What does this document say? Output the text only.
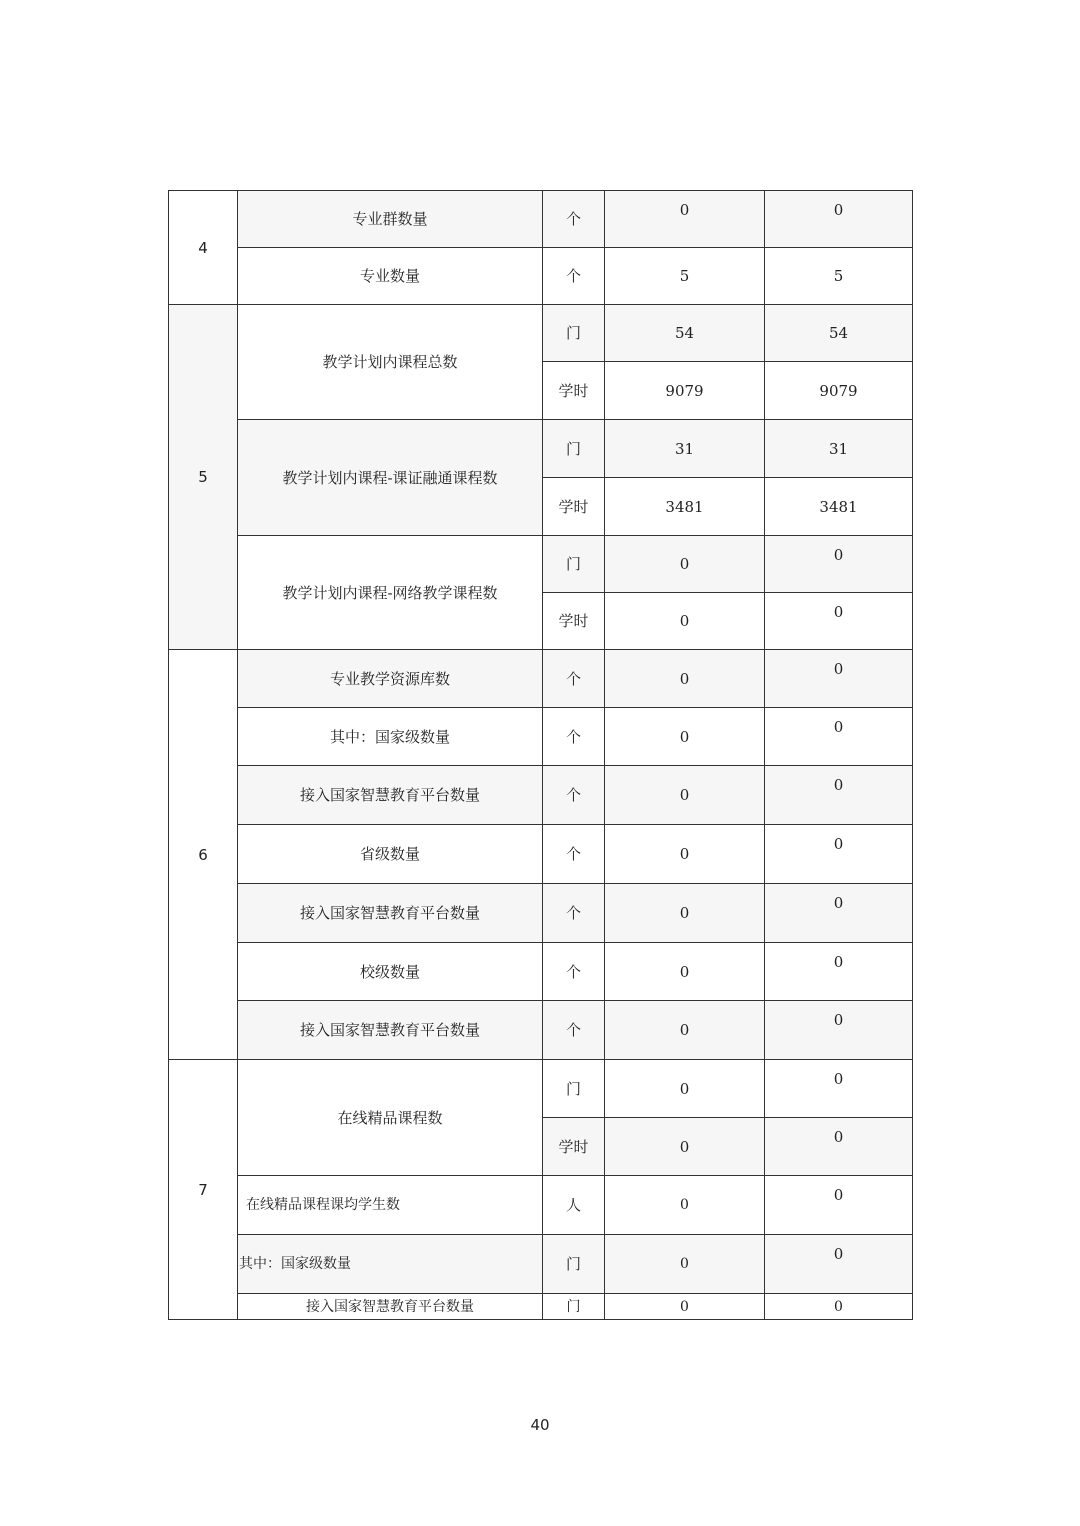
4	专业群数量	个	0	0
	专业数量	个	5	5
5	教学计划内课程总数	门	54	54
		学时	9079	9079
	教学计划内课程-课证融通课程数	门	31	31
		学时	3481	3481
	教学计划内课程-网络教学课程数	门	0	0
		学时	0	0
6	专业教学资源库数	个	0	0
	其中：国家级数量	个	0	0
	接入国家智慧教育平台数量	个	0	0
	省级数量	个	0	0
	接入国家智慧教育平台数量	个	0	0
	校级数量	个	0	0
	接入国家智慧教育平台数量	个	0	0
7	在线精品课程数	门	0	0
		学时	0	0
	在线精品课程课均学生数	人	0	0
	其中：国家级数量	门	0	0
	接入国家智慧教育平台数量	门	0	0
40
